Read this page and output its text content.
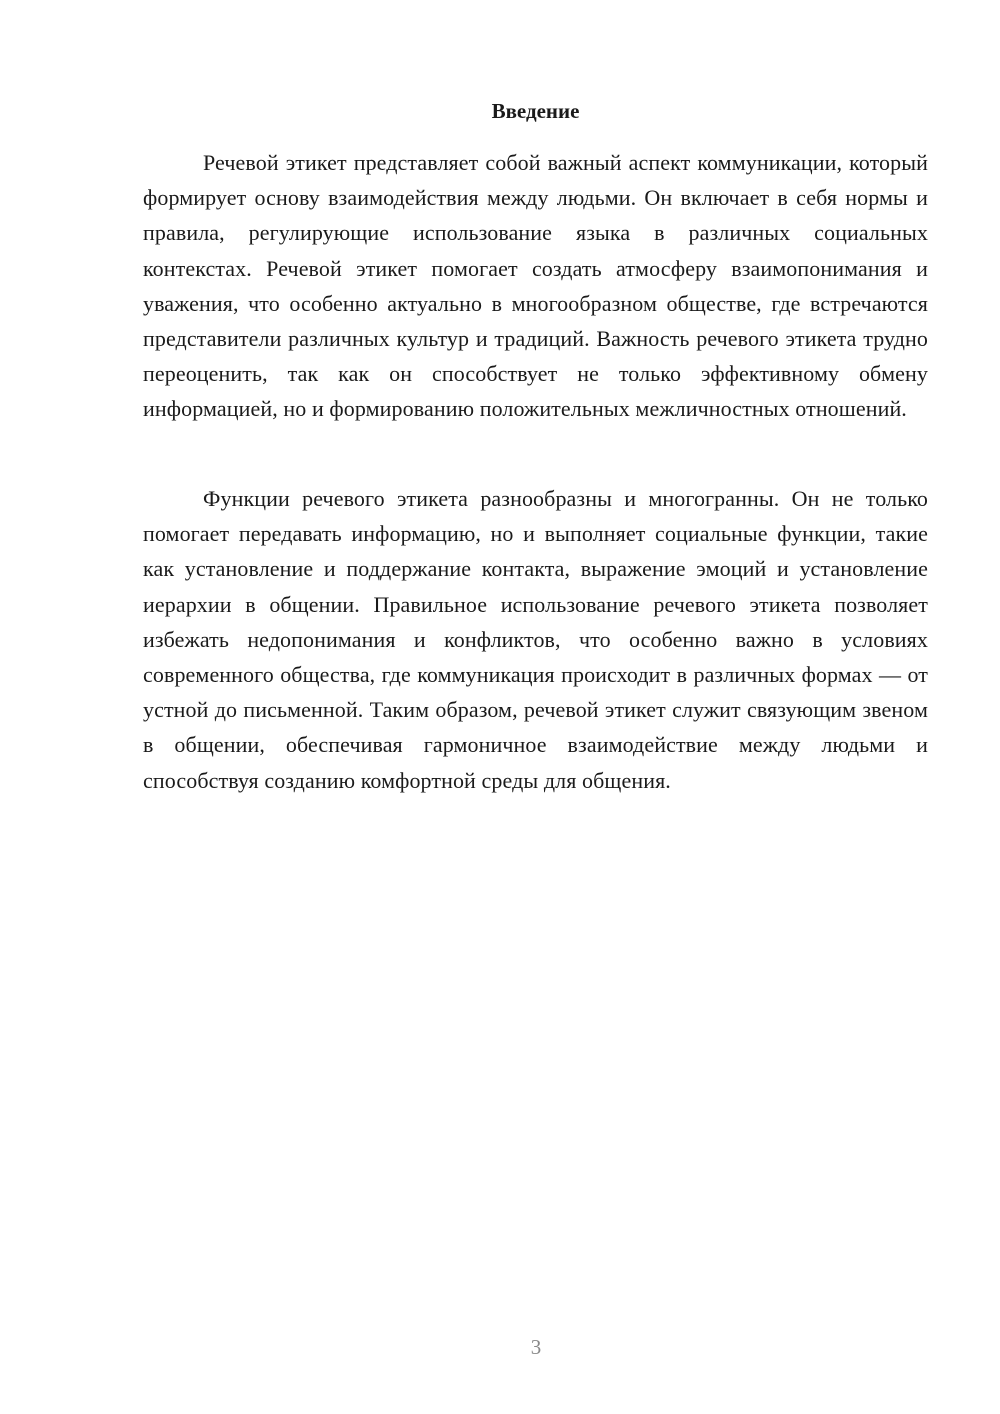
Введение

Речевой этикет представляет собой важный аспект коммуникации, который формирует основу взаимодействия между людьми. Он включает в себя нормы и правила, регулирующие использование языка в различных социальных контекстах. Речевой этикет помогает создать атмосферу взаимопонимания и уважения, что особенно актуально в многообразном обществе, где встречаются представители различных культур и традиций. Важность речевого этикета трудно переоценить, так как он способствует не только эффективному обмену информацией, но и формированию положительных межличностных отношений.

Функции речевого этикета разнообразны и многогранны. Он не только помогает передавать информацию, но и выполняет социальные функции, такие как установление и поддержание контакта, выражение эмоций и установление иерархии в общении. Правильное использование речевого этикета позволяет избежать недопонимания и конфликтов, что особенно важно в условиях современного общества, где коммуникация происходит в различных формах — от устной до письменной. Таким образом, речевой этикет служит связующим звеном в общении, обеспечивая гармоничное взаимодействие между людьми и способствуя созданию комфортной среды для общения.

3
